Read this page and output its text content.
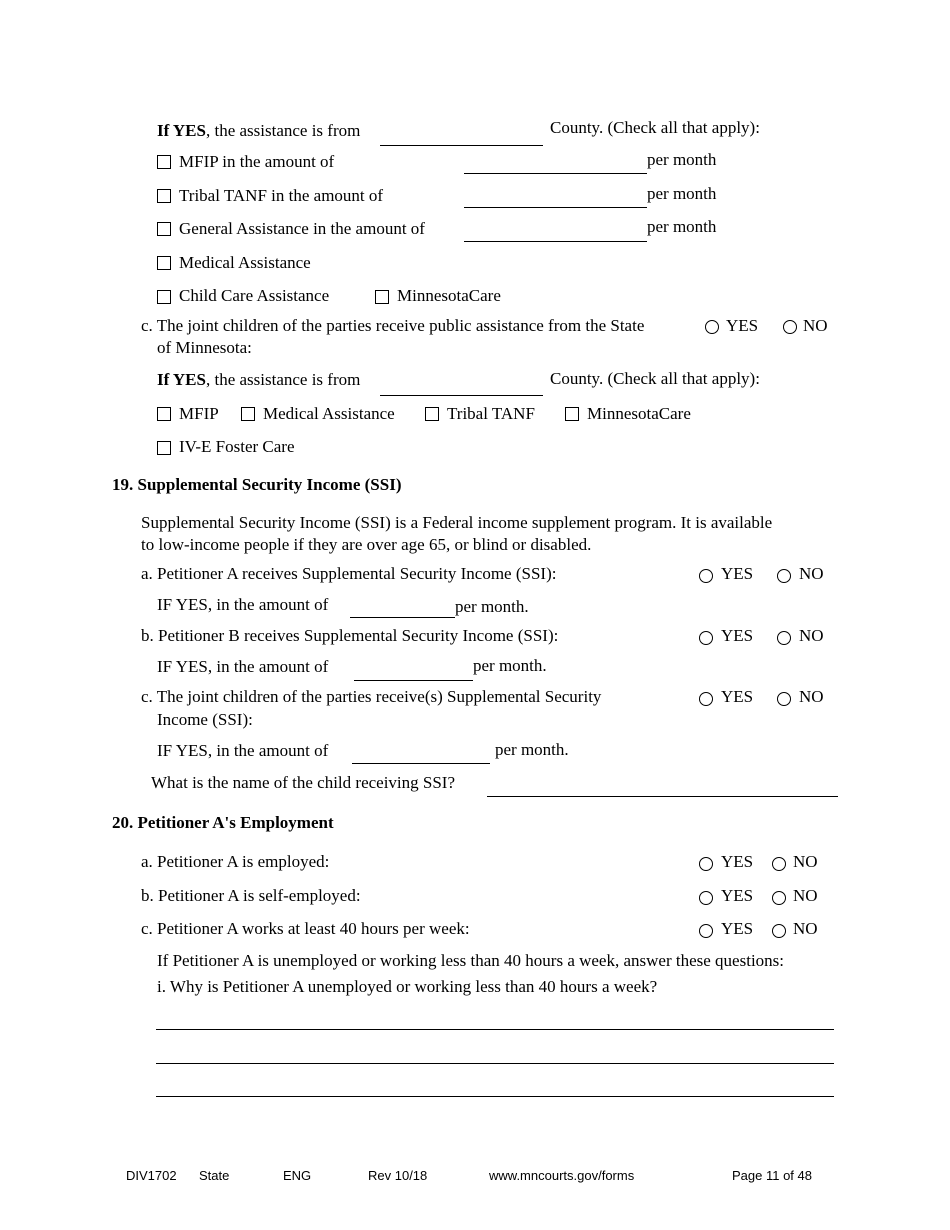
If YES, the assistance is from	County. (Check all that apply):
MFIP in the amount of	per month
Tribal TANF in the amount of	per month
General Assistance in the amount of	per month
Medical Assistance
Child Care Assistance	MinnesotaCare
c. The joint children of the parties receive public assistance from the State
of Minnesota:
YES	NO
If YES, the assistance is from	County. (Check all that apply):
MFIP	Medical Assistance	Tribal TANF	MinnesotaCare
IV-E Foster Care
19. Supplemental Security Income (SSI)
Supplemental Security Income (SSI) is a Federal income supplement program. It is available
to low-income people if they are over age 65, or blind or disabled.
a. Petitioner A receives Supplemental Security Income (SSI):	YES	NO
IF YES, in the amount of	per month.
b. Petitioner B receives Supplemental Security Income (SSI):	YES	NO
IF YES, in the amount of	per month.
c. The joint children of the parties receive(s) Supplemental Security
Income (SSI):
YES	NO
IF YES, in the amount of	per month.
What is the name of the child receiving SSI?
20. Petitioner A's Employment
a. Petitioner A is employed:	YES NO
b. Petitioner A is self-employed:	YES NO
c. Petitioner A works at least 40 hours per week:	YES NO
If Petitioner A is unemployed or working less than 40 hours a week, answer these questions:
i. Why is Petitioner A unemployed or working less than 40 hours a week?
DIV1702 State	ENG	Rev 10/18	www.mncourts.gov/forms	Page 11 of 48
